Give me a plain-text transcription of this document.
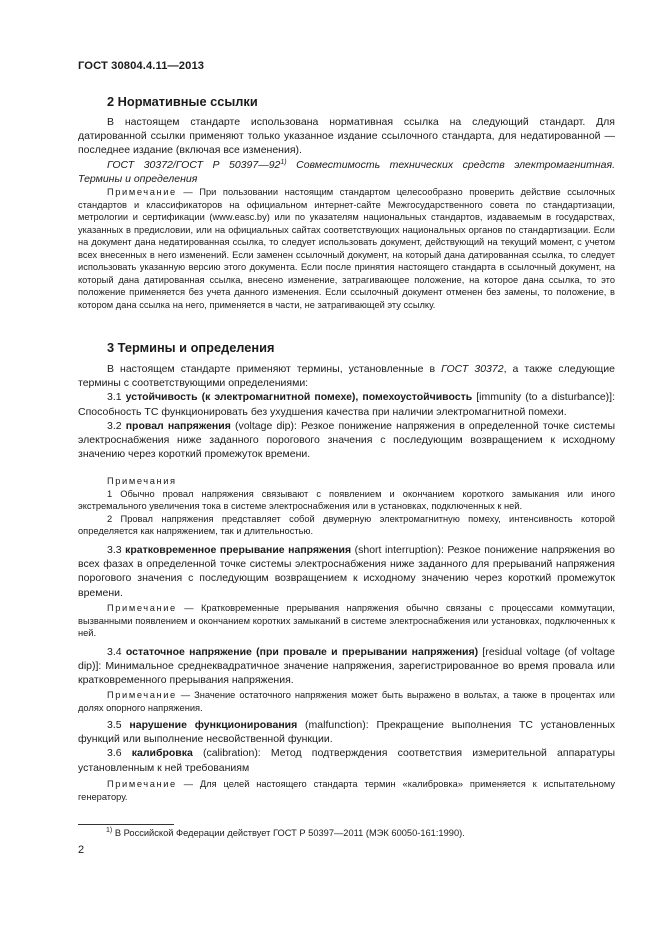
ГОСТ 30804.4.11—2013
2 Нормативные ссылки

В настоящем стандарте использована нормативная ссылка на следующий стандарт. Для датированной ссылки применяют только указанное издание ссылочного стандарта, для недатированной — последнее издание (включая все изменения).

ГОСТ 30372/ГОСТ Р 50397—92$^{1)}$ Совместимость технических средств электромагнитная. Термины и определения

Примечание — При пользовании настоящим стандартом целесообразно проверить действие ссылочных стандартов и классификаторов на официальном интернет-сайте Межгосударственного совета по стандартизации, метрологии и сертификации (www.easc.by) или по указателям национальных стандартов, издаваемым в государствах, указанных в предисловии, или на официальных сайтах соответствующих национальных органов по стандартизации. Если на документ дана недатированная ссылка, то следует использовать документ, действующий на текущий момент, с учетом всех внесенных в него изменений. Если заменен ссылочный документ, на который дана датированная ссылка, то следует использовать указанную версию этого документа. Если после принятия настоящего стандарта в ссылочный документ, на который дана датированная ссылка, внесено изменение, затрагивающее положение, на которое дана ссылка, то это положение применяется без учета данного изменения. Если ссылочный документ отменен без замены, то положение, в котором дана ссылка на него, применяется в части, не затрагивающей эту ссылку.

3 Термины и определения

В настоящем стандарте применяют термины, установленные в ГОСТ 30372, а также следующие термины с соответствующими определениями:

3.1 устойчивость (к электромагнитной помехе), помехоустойчивость [immunity (to a disturbance)]: Способность ТС функционировать без ухудшения качества при наличии электромагнитной помехи.

3.2 провал напряжения (voltage dip): Резкое понижение напряжения в определенной точке системы электроснабжения ниже заданного порогового значения с последующим возвращением к исходному значению через короткий промежуток времени.

Примечания

1 Обычно провал напряжения связывают с появлением и окончанием короткого замыкания или иного экстремального увеличения тока в системе электроснабжения или в установках, подключенных к ней.

2 Провал напряжения представляет собой двумерную электромагнитную помеху, интенсивность которой определяется как напряжением, так и длительностью.

3.3 кратковременное прерывание напряжения (short interruption): Резкое понижение напряжения во всех фазах в определенной точке системы электроснабжения ниже заданного для прерываний напряжения порогового значения с последующим возвращением к исходному значению через короткий промежуток времени.

Примечание — Кратковременные прерывания напряжения обычно связаны с процессами коммутации, вызванными появлением и окончанием коротких замыканий в системе электроснабжения или установках, подключенных к ней.

3.4 остаточное напряжение (при провале и прерывании напряжения) [residual voltage (of voltage dip)]: Минимальное среднеквадратичное значение напряжения, зарегистрированное во время провала или кратковременного прерывания напряжения.

Примечание — Значение остаточного напряжения может быть выражено в вольтах, а также в процентах или долях опорного напряжения.

3.5 нарушение функционирования (malfunction): Прекращение выполнения ТС установленных функций или выполнение несвойственной функции.

3.6 калибровка (calibration): Метод подтверждения соответствия измерительной аппаратуры установленным к ней требованиям

Примечание — Для целей настоящего стандарта термин «калибровка» применяется к испытательному генератору.

$^{1)}$ В Российской Федерации действует ГОСТ Р 50397—2011 (МЭК 60050-161:1990).
2
